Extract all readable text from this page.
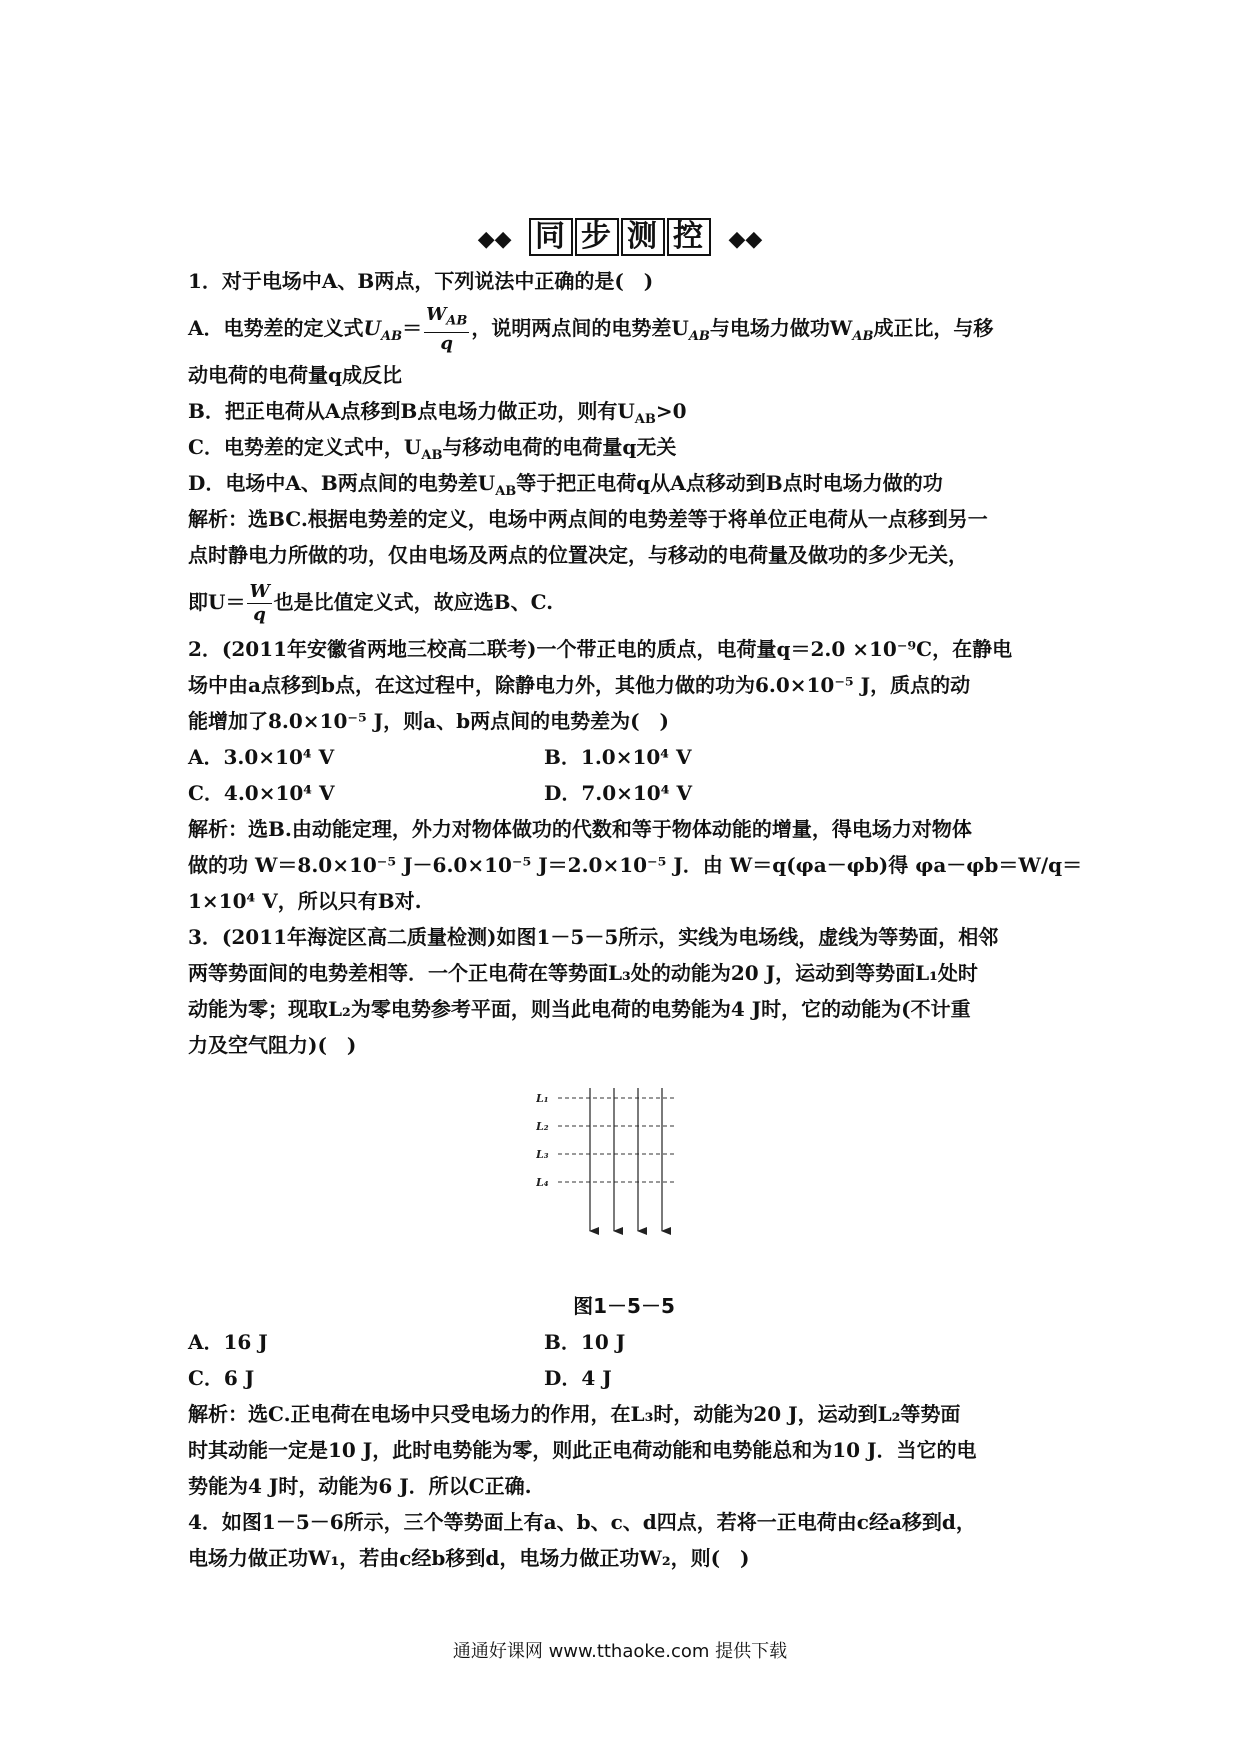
◆◆ 同 步 测 控 ◆◆
1．对于电场中A、B两点，下列说法中正确的是(　)
A．电势差的定义式$U_{AB}= \frac{W_{AB}}{q}$ ，说明两点间的电势差$U_{AB}$与电场力做功$W_{AB}$成正比，与移
动电荷的电荷量q成反比
B．把正电荷从A点移到B点电场力做正功，则有$U_{AB}>0$
C．电势差的定义式中，$U_{AB}$与移动电荷的电荷量q无关
D．电场中A、B两点间的电势差$U_{AB}$等于把正电荷q从A点移动到B点时电场力做的功
解析：选BC.根据电势差的定义，电场中两点间的电势差等于将单位正电荷从一点移到另一
点时静电力所做的功，仅由电场及两点的位置决定，与移动的电荷量及做功的多少无关，
即$U= \frac{W}{q}$ 也是比值定义式，故应选B、C.
2．(2011年安徽省两地三校高二联考)一个带正电的质点，电荷量q＝2.0 ×10⁻⁹C，在静电
场中由a点移到b点，在这过程中，除静电力外，其他力做的功为6.0×10⁻⁵ J，质点的动
能增加了8.0×10⁻⁵ J，则a、b两点间的电势差为(　)
A．3.0×10⁴ V	B．1.0×10⁴ V
C．4.0×10⁴ V	D．7.0×10⁴ V
解析：选B.由动能定理，外力对物体做功的代数和等于物体动能的增量，得电场力对物体
做的功 W＝8.0×10⁻⁵ J－6.0×10⁻⁵ J＝2.0×10⁻⁵ J．由 W＝q(φa－φb)得 φa－φb＝W/q＝
1×10⁴ V，所以只有B对.
3．(2011年海淀区高二质量检测)如图1－5－5所示，实线为电场线，虚线为等势面，相邻
两等势面间的电势差相等．一个正电荷在等势面L₃处的动能为20 J，运动到等势面L₁处时
动能为零；现取L₂为零电势参考平面，则当此电荷的电势能为4 J时，它的动能为(不计重
力及空气阻力)(　)
L₁
L₂
L₃
L₄
图1－5－5
A．16 J	B．10 J
C．6 J	D．4 J
解析：选C.正电荷在电场中只受电场力的作用，在L₃时，动能为20 J，运动到L₂等势面
时其动能一定是10 J，此时电势能为零，则此正电荷动能和电势能总和为10 J．当它的电
势能为4 J时，动能为6 J．所以C正确.
4．如图1－5－6所示，三个等势面上有a、b、c、d四点，若将一正电荷由c经a移到d，
电场力做正功W₁，若由c经b移到d，电场力做正功W₂，则(　)
通通好课网 www.tthaoke.com 提供下载
